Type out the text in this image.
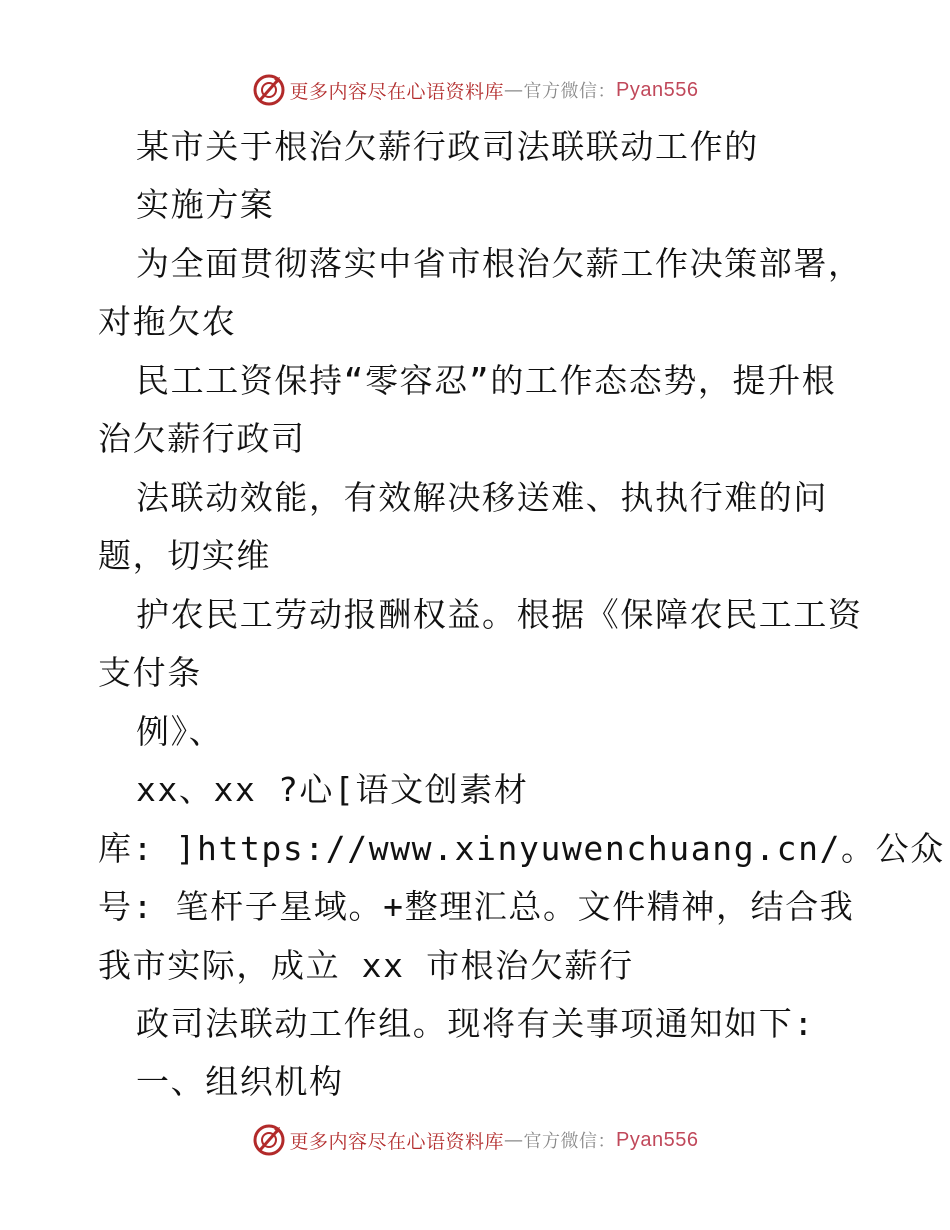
更多内容尽在心语资料库 — 官方微信： Pyan556
某市关于根治欠薪行政司法联联动工作的
实施方案
为全面贯彻落实中省市根治欠薪工作决策部署，
对拖欠农
民工工资保持“零容忍”的工作态态势，提升根
治欠薪行政司
法联动效能，有效解决移送难、执执行难的问
题，切实维
护农民工劳动报酬权益。根据《保障农民工工资
支付条
例》、
xx、xx ?心[语文创素材
库: ]https://www.xinyuwenchuang.cn/。公众
号: 笔杆子星域。+整理汇总。文件精神，结合我
我市实际，成立 xx 市根治欠薪行
政司法联动工作组。现将有关事项通知如下:
一、组织机构
更多内容尽在心语资料库 — 官方微信： Pyan556
